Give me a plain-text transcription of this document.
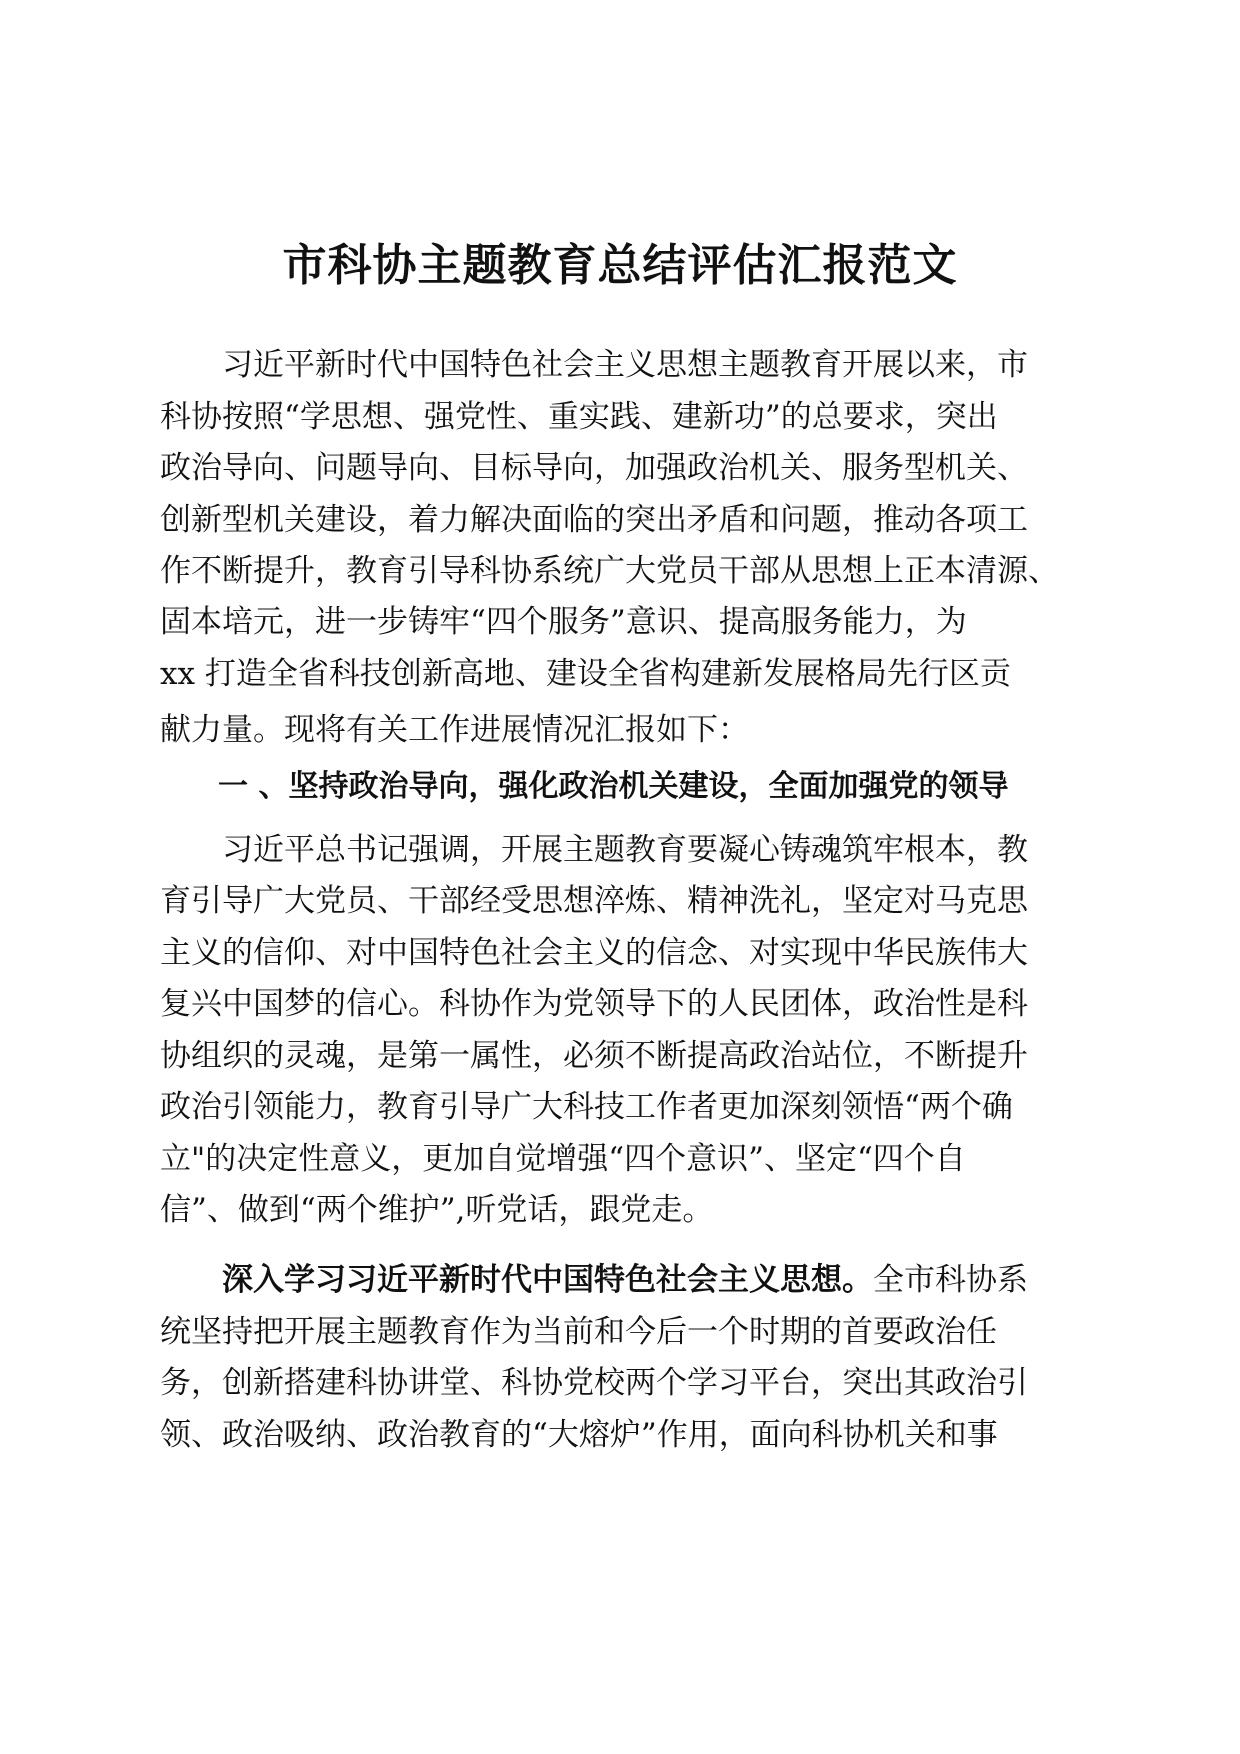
市科协主题教育总结评估汇报范文

习近平新时代中国特色社会主义思想主题教育开展以来，市

科协按照“学思想、强党性、重实践、建新功”的总要求，突出

政治导向、问题导向、目标导向，加强政治机关、服务型机关、

创新型机关建设，着力解决面临的突出矛盾和问题，推动各项工

作不断提升，教育引导科协系统广大党员干部从思想上正本清源、

固本培元，进一步铸牢“四个服务”意识、提高服务能力，为

xx 打造全省科技创新高地、建设全省构建新发展格局先行区贡

献力量。现将有关工作进展情况汇报如下：

一 、坚持政治导向，强化政治机关建设，全面加强党的领导

习近平总书记强调，开展主题教育要凝心铸魂筑牢根本，教

育引导广大党员、干部经受思想淬炼、精神洗礼，坚定对马克思

主义的信仰、对中国特色社会主义的信念、对实现中华民族伟大

复兴中国梦的信心。科协作为党领导下的人民团体，政治性是科

协组织的灵魂，是第一属性，必须不断提高政治站位，不断提升

政治引领能力，教育引导广大科技工作者更加深刻领悟“两个确

立"的决定性意义，更加自觉增强“四个意识”、坚定“四个自

信”、做到“两个维护”,听党话，跟党走。

深入学习习近平新时代中国特色社会主义思想。全市科协系

统坚持把开展主题教育作为当前和今后一个时期的首要政治任

务，创新搭建科协讲堂、科协党校两个学习平台，突出其政治引

领、政治吸纳、政治教育的“大熔炉”作用，面向科协机关和事
